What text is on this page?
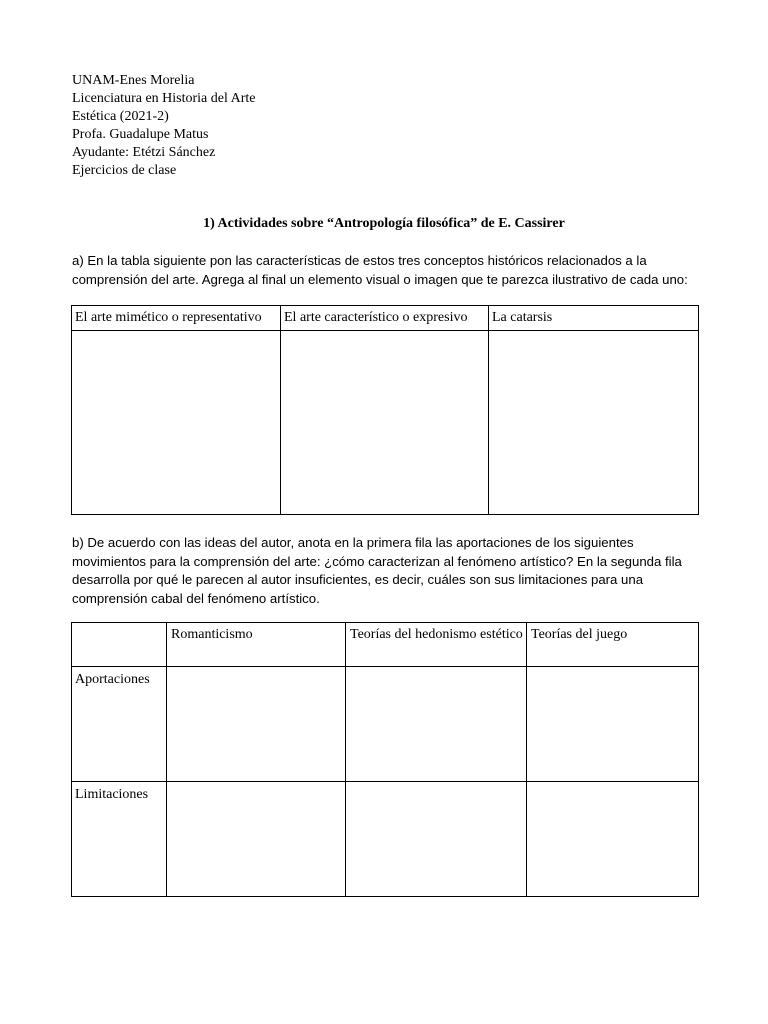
UNAM-Enes Morelia
Licenciatura en Historia del Arte
Estética (2021-2)
Profa. Guadalupe Matus
Ayudante: Etétzi Sánchez
Ejercicios de clase
1) Actividades sobre “Antropología filosófica” de E. Cassirer
a) En la tabla siguiente pon las características de estos tres conceptos históricos relacionados a la comprensión del arte. Agrega al final un elemento visual o imagen que te parezca ilustrativo de cada uno:
El arte mimético o representativo	El arte característico o expresivo	La catarsis

b) De acuerdo con las ideas del autor, anota en la primera fila las aportaciones de los siguientes movimientos para la comprensión del arte: ¿cómo caracterizan al fenómeno artístico? En la segunda fila desarrolla por qué le parecen al autor insuficientes, es decir, cuáles son sus limitaciones para una comprensión cabal del fenómeno artístico.
	Romanticismo	Teorías del hedonismo estético	Teorías del juego
Aportaciones			
Limitaciones			
